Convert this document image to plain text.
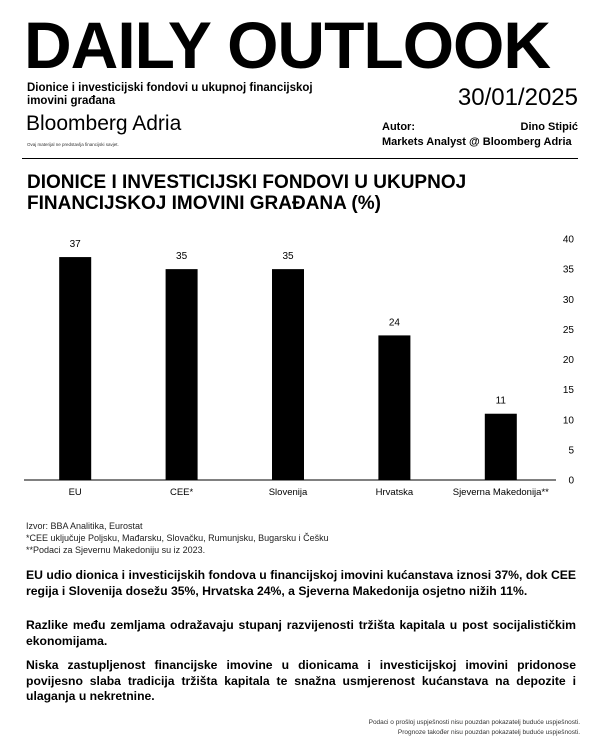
DAILY OUTLOOK
Dionice i investicijski fondovi u ukupnoj financijskoj imovini građana	30/01/2025
Bloomberg Adria
Ovaj materijal ne predstavlja financijski savjet.
Autor:	Dino Stipić
Markets Analyst @ Bloomberg Adria
DIONICE I INVESTICIJSKI FONDOVI U UKUPNOJ FINANCIJSKOJ IMOVINI GRAĐANA (%)
0
5
10
15
20
25
30
35
40
37
EU
35
CEE*
35
Slovenija
24
Hrvatska
11
Sjeverna Makedonija**
Izvor: BBA Analitika, Eurostat
*CEE uključuje Poljsku, Mađarsku, Slovačku, Rumunjsku, Bugarsku i Češku
**Podaci za Sjevernu Makedoniju su iz 2023.
EU udio dionica i investicijskih fondova u financijskoj imovini kućanstava iznosi 37%, dok CEE regija i Slovenija dosežu 35%, Hrvatska 24%, a Sjeverna Makedonija osjetno nižih 11%.
Razlike među zemljama odražavaju stupanj razvijenosti tržišta kapitala u post socijalističkim ekonomijama.
Niska zastupljenost financijske imovine u dionicama i investicijskoj imovini pridonose povijesno slaba tradicija tržišta kapitala te snažna usmjerenost kućanstava na depozite i ulaganja u nekretnine.
Podaci o prošlој uspješnosti nisu pouzdan pokazatelj buduće uspješnosti.
Prognoze također nisu pouzdan pokazatelj buduće uspješnosti.
